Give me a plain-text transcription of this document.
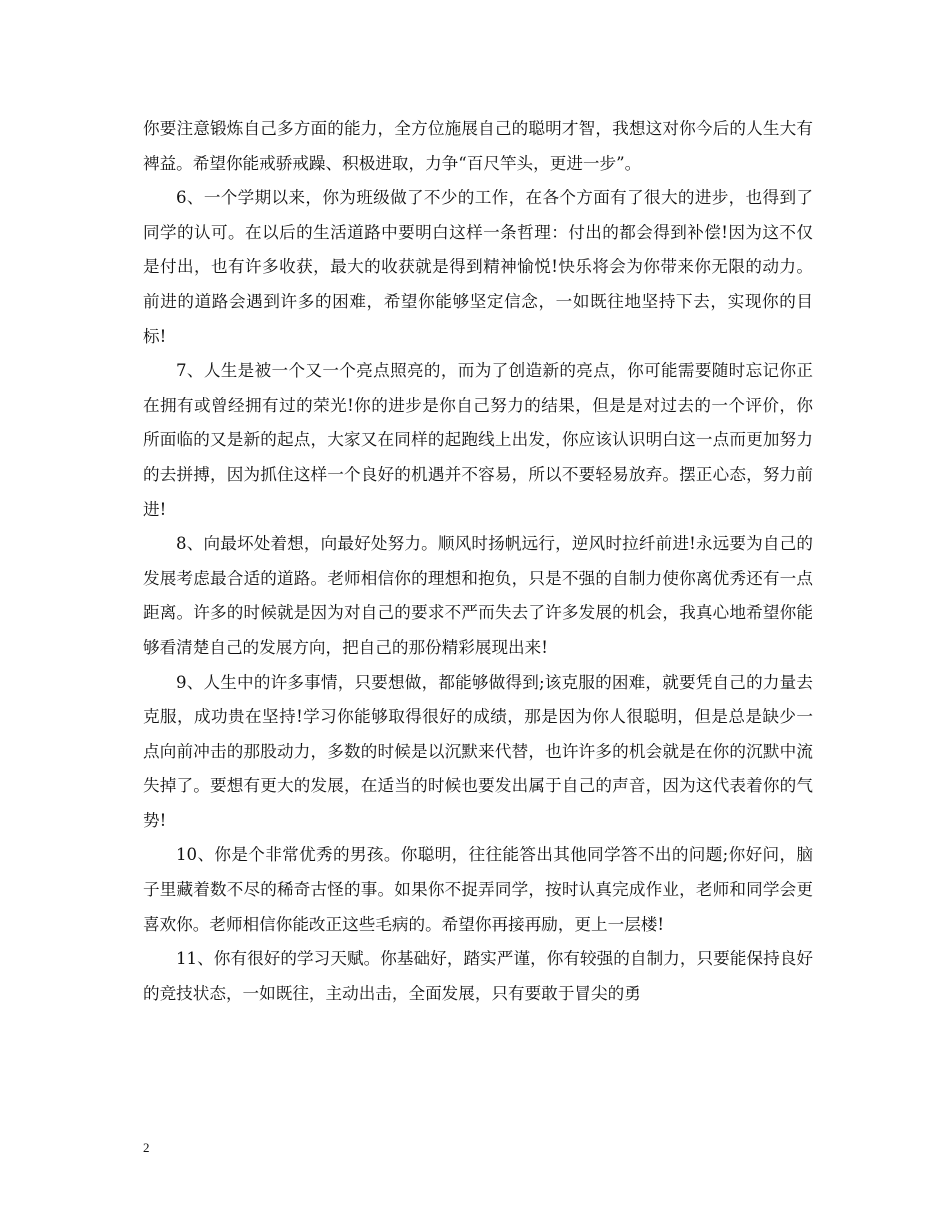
你要注意锻炼自己多方面的能力，全方位施展自己的聪明才智，我想这对你今后的人生大有裨益。希望你能戒骄戒躁、积极进取，力争“百尺竿头，更进一步”。

6、一个学期以来，你为班级做了不少的工作，在各个方面有了很大的进步，也得到了同学的认可。在以后的生活道路中要明白这样一条哲理：付出的都会得到补偿!因为这不仅是付出，也有许多收获，最大的收获就是得到精神愉悦!快乐将会为你带来你无限的动力。前进的道路会遇到许多的困难，希望你能够坚定信念，一如既往地坚持下去，实现你的目标!

7、人生是被一个又一个亮点照亮的，而为了创造新的亮点，你可能需要随时忘记你正在拥有或曾经拥有过的荣光!你的进步是你自己努力的结果，但是是对过去的一个评价，你所面临的又是新的起点，大家又在同样的起跑线上出发，你应该认识明白这一点而更加努力的去拼搏，因为抓住这样一个良好的机遇并不容易，所以不要轻易放弃。摆正心态，努力前进!

8、向最坏处着想，向最好处努力。顺风时扬帆远行，逆风时拉纤前进!永远要为自己的发展考虑最合适的道路。老师相信你的理想和抱负，只是不强的自制力使你离优秀还有一点距离。许多的时候就是因为对自己的要求不严而失去了许多发展的机会，我真心地希望你能够看清楚自己的发展方向，把自己的那份精彩展现出来!

9、人生中的许多事情，只要想做，都能够做得到;该克服的困难，就要凭自己的力量去克服，成功贵在坚持!学习你能够取得很好的成绩，那是因为你人很聪明，但是总是缺少一点向前冲击的那股动力，多数的时候是以沉默来代替，也许许多的机会就是在你的沉默中流失掉了。要想有更大的发展，在适当的时候也要发出属于自己的声音，因为这代表着你的气势!

10、你是个非常优秀的男孩。你聪明，往往能答出其他同学答不出的问题;你好问，脑子里藏着数不尽的稀奇古怪的事。如果你不捉弄同学，按时认真完成作业，老师和同学会更喜欢你。老师相信你能改正这些毛病的。希望你再接再励，更上一层楼!

11、你有很好的学习天赋。你基础好，踏实严谨，你有较强的自制力，只要能保持良好的竞技状态，一如既往，主动出击，全面发展，只有要敢于冒尖的勇

2
